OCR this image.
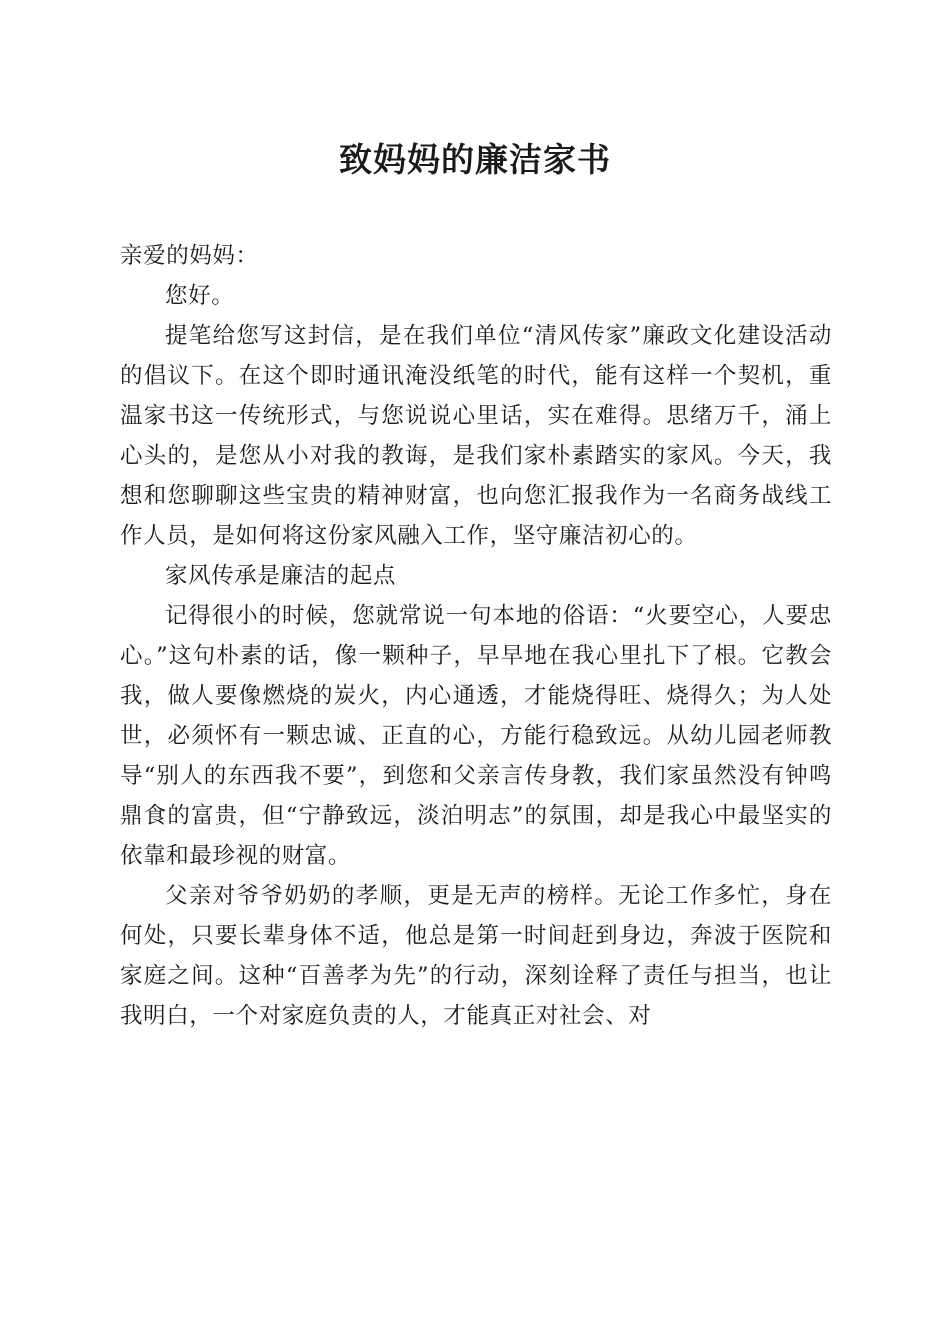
致妈妈的廉洁家书

亲爱的妈妈：

您好。

提笔给您写这封信，是在我们单位“清风传家”廉政文化建设活动的倡议下。在这个即时通讯淹没纸笔的时代，能有这样一个契机，重温家书这一传统形式，与您说说心里话，实在难得。思绪万千，涌上心头的，是您从小对我的教诲，是我们家朴素踏实的家风。今天，我想和您聊聊这些宝贵的精神财富，也向您汇报我作为一名商务战线工作人员，是如何将这份家风融入工作，坚守廉洁初心的。

家风传承是廉洁的起点

记得很小的时候，您就常说一句本地的俗语：“火要空心，人要忠心。”这句朴素的话，像一颗种子，早早地在我心里扎下了根。它教会我，做人要像燃烧的炭火，内心通透，才能烧得旺、烧得久；为人处世，必须怀有一颗忠诚、正直的心，方能行稳致远。从幼儿园老师教导“别人的东西我不要”，到您和父亲言传身教，我们家虽然没有钟鸣鼎食的富贵，但“宁静致远，淡泊明志”的氛围，却是我心中最坚实的依靠和最珍视的财富。

父亲对爷爷奶奶的孝顺，更是无声的榜样。无论工作多忙，身在何处，只要长辈身体不适，他总是第一时间赶到身边，奔波于医院和家庭之间。这种“百善孝为先”的行动，深刻诠释了责任与担当，也让我明白，一个对家庭负责的人，才能真正对社会、对
